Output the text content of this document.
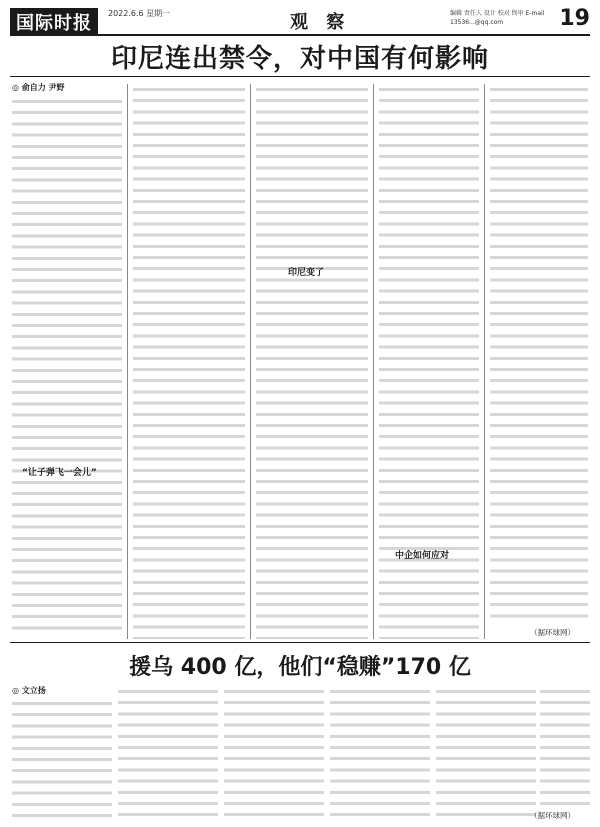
国际时报	2022.6.6 星期一	观 察	编辑 责任人 设计 校对 终审 E-mail 13536...@qq.com	19
印尼连出禁令，对中国有何影响
◎ 俞自力 尹野
“让子弹飞一会儿”
印尼变了
中企如何应对
（据环球网）
援乌 400 亿，他们“稳赚”170 亿
◎ 文立扬
（据环球网）
